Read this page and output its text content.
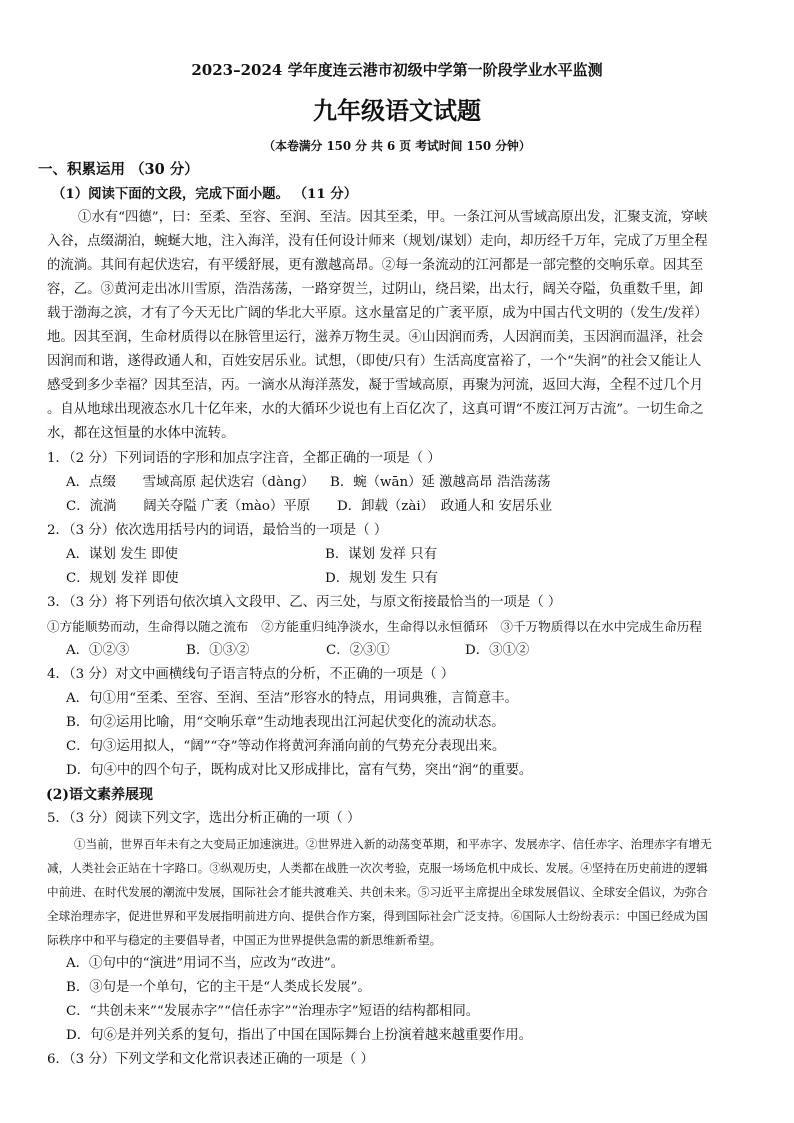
2023–2024 学年度连云港市初级中学第一阶段学业水平监测
九年级语文试题
（本卷满分 150 分 共 6 页 考试时间 150 分钟）
一、积累运用 （30 分）
（1）阅读下面的文段，完成下面小题。 （11 分）
①水有“四德”，曰：至柔、至容、至润、至洁。因其至柔，甲。一条江河从雪域高原出发，汇聚支流，穿峡
入谷，点缀湖泊，蜿蜒大地，注入海洋，没有任何设计师来（规划/谋划）走向，却历经千万年，完成了万里全程
的流淌。其间有起伏迭宕，有平缓舒展，更有激越高昂。②每一条流动的江河都是一部完整的交响乐章。因其至
容，乙。③黄河走出冰川雪原，浩浩荡荡，一路穿贺兰，过阴山，绕吕梁，出太行，阔关夺隘，负重数千里，卸
载于渤海之滨，才有了今天无比广阔的华北大平原。这水量富足的广袤平原，成为中国古代文明的（发生/发祥）
地。因其至润，生命材质得以在脉管里运行，滋养万物生灵。④山因润而秀，人因润而美，玉因润而温泽，社会
因润而和谐，遂得政通人和，百姓安居乐业。试想，（即使/只有）生活高度富裕了，一个“失润”的社会又能让人
感受到多少幸福？因其至洁，丙。一滴水从海洋蒸发，凝于雪域高原，再聚为河流，返回大海，全程不过几个月
。自从地球出现液态水几十亿年来，水的大循环少说也有上百亿次了，这真可谓“不废江河万古流”。一切生命之
水，都在这恒量的水体中流转。
1．（2 分）下列词语的字形和加点字注音，全都正确的一项是（ ）
A．点缀　　雪域高原 起伏迭宕（dàng） B．蜿（wān）延 激越高昂 浩浩荡荡
C．流淌　　阔关夺隘 广袤（mào）平原	D．卸载（zài）　政通人和 安居乐业
2．（3 分）依次选用括号内的词语，最恰当的一项是（ ）
A．谋划 发生 即使	B．谋划 发祥 只有
C．规划 发祥 即使	D．规划 发生 只有
3．（3 分）将下列语句依次填入文段甲、乙、丙三处，与原文衔接最恰当的一项是（ ）
①方能顺势而动，生命得以随之流布　②方能重归纯净淡水，生命得以永恒循环　③千万物质得以在水中完成生命历程
A．①②③	B．①③②	C．②③①	D．③①②
4．（3 分）对文中画横线句子语言特点的分析，不正确的一项是（ ）
A．句①用“至柔、至容、至润、至洁”形容水的特点，用词典雅，言简意丰。
B．句②运用比喻，用“交响乐章”生动地表现出江河起伏变化的流动状态。
C．句③运用拟人，“阔”“夺”等动作将黄河奔涌向前的气势充分表现出来。
D．句④中的四个句子，既构成对比又形成排比，富有气势，突出“润”的重要。
(2)语文素养展现
5．（3 分）阅读下列文字，选出分析正确的一项（ ）
①当前，世界百年未有之大变局正加速演进。②世界进入新的动荡变革期，和平赤字、发展赤字、信任赤字、治理赤字有增无
减，人类社会正站在十字路口。③纵观历史，人类都在战胜一次次考验，克服一场场危机中成长、发展。④坚持在历史前进的逻辑
中前进、在时代发展的潮流中发展，国际社会才能共渡难关、共创未来。⑤习近平主席提出全球发展倡议、全球安全倡议，为弥合
全球治理赤字，促进世界和平发展指明前进方向、提供合作方案，得到国际社会广泛支持。⑥国际人士纷纷表示：中国已经成为国
际秩序中和平与稳定的主要倡导者，中国正为世界提供急需的新思维新希望。
A．①句中的“演进”用词不当，应改为“改进”。
B．③句是一个单句，它的主干是“人类成长发展”。
C．“共创未来”“发展赤字”“信任赤字”“治理赤字”短语的结构都相同。
D．句⑥是并列关系的复句，指出了中国在国际舞台上扮演着越来越重要作用。
6．（3 分）下列文学和文化常识表述正确的一项是（ ）
